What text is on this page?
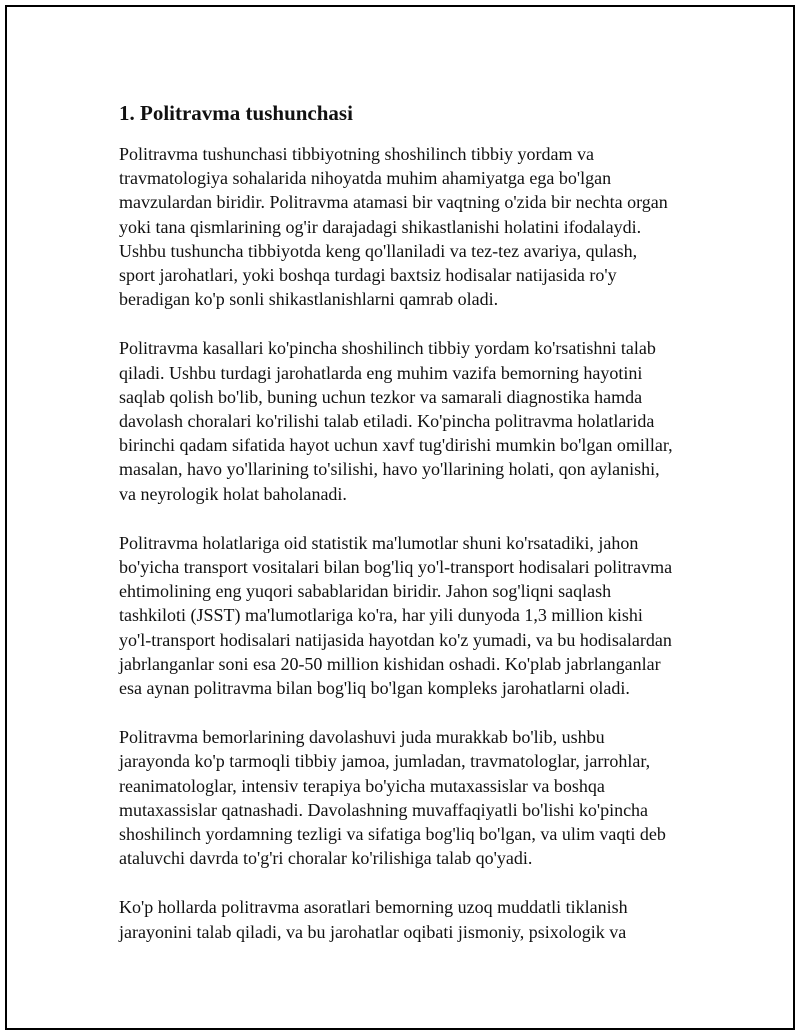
1. Politravma tushunchasi

Politravma tushunchasi tibbiyotning shoshilinch tibbiy yordam va
travmatologiya sohalarida nihoyatda muhim ahamiyatga ega bo'lgan
mavzulardan biridir. Politravma atamasi bir vaqtning o'zida bir nechta organ
yoki tana qismlarining og'ir darajadagi shikastlanishi holatini ifodalaydi.
Ushbu tushuncha tibbiyotda keng qo'llaniladi va tez-tez avariya, qulash,
sport jarohatlari, yoki boshqa turdagi baxtsiz hodisalar natijasida ro'y
beradigan ko'p sonli shikastlanishlarni qamrab oladi.

Politravma kasallari ko'pincha shoshilinch tibbiy yordam ko'rsatishni talab
qiladi. Ushbu turdagi jarohatlarda eng muhim vazifa bemorning hayotini
saqlab qolish bo'lib, buning uchun tezkor va samarali diagnostika hamda
davolash choralari ko'rilishi talab etiladi. Ko'pincha politravma holatlarida
birinchi qadam sifatida hayot uchun xavf tug'dirishi mumkin bo'lgan omillar,
masalan, havo yo'llarining to'silishi, havo yo'llarining holati, qon aylanishi,
va neyrologik holat baholanadi.

Politravma holatlariga oid statistik ma'lumotlar shuni ko'rsatadiki, jahon
bo'yicha transport vositalari bilan bog'liq yo'l-transport hodisalari politravma
ehtimolining eng yuqori sabablaridan biridir. Jahon sog'liqni saqlash
tashkiloti (JSST) ma'lumotlariga ko'ra, har yili dunyoda 1,3 million kishi
yo'l-transport hodisalari natijasida hayotdan ko'z yumadi, va bu hodisalardan
jabrlanganlar soni esa 20-50 million kishidan oshadi. Ko'plab jabrlanganlar
esa aynan politravma bilan bog'liq bo'lgan kompleks jarohatlarni oladi.

Politravma bemorlarining davolashuvi juda murakkab bo'lib, ushbu
jarayonda ko'p tarmoqli tibbiy jamoa, jumladan, travmatologlar, jarrohlar,
reanimatologlar, intensiv terapiya bo'yicha mutaxassislar va boshqa
mutaxassislar qatnashadi. Davolashning muvaffaqiyatli bo'lishi ko'pincha
shoshilinch yordamning tezligi va sifatiga bog'liq bo'lgan, va ulim vaqti deb
ataluvchi davrda to'g'ri choralar ko'rilishiga talab qo'yadi.

Ko'p hollarda politravma asoratlari bemorning uzoq muddatli tiklanish
jarayonini talab qiladi, va bu jarohatlar oqibati jismoniy, psixologik va
